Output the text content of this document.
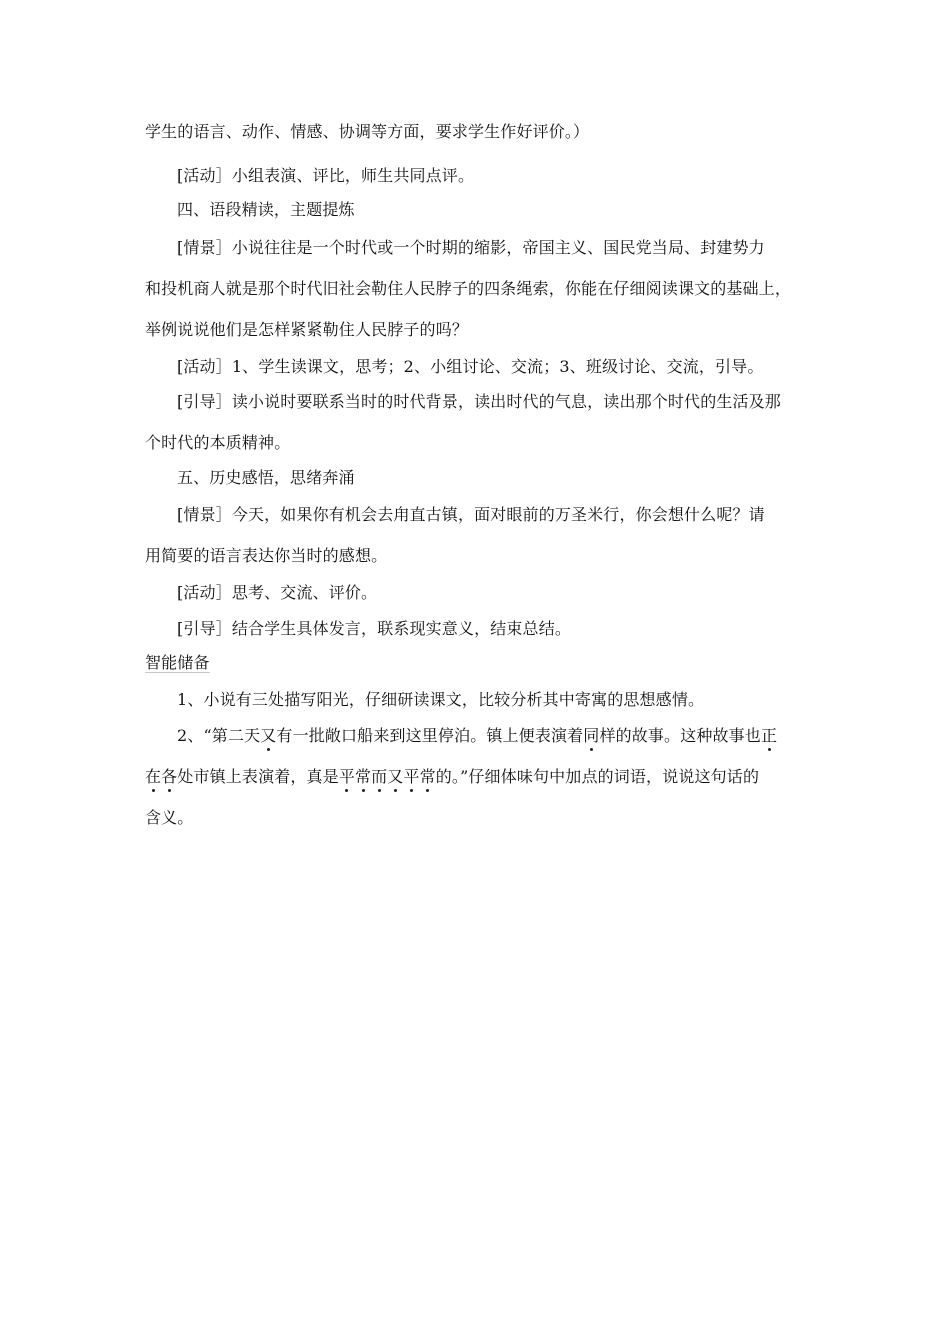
学生的语言、动作、情感、协调等方面，要求学生作好评价。）
[活动］小组表演、评比，师生共同点评。
四、语段精读，主题提炼
[情景］小说往往是一个时代或一个时期的缩影，帝国主义、国民党当局、封建势力
和投机商人就是那个时代旧社会勒住人民脖子的四条绳索，你能在仔细阅读课文的基础上，
举例说说他们是怎样紧紧勒住人民脖子的吗？
[活动］1、学生读课文，思考；2、小组讨论、交流；3、班级讨论、交流，引导。
[引导］读小说时要联系当时的时代背景，读出时代的气息，读出那个时代的生活及那
个时代的本质精神。
五、历史感悟，思绪奔涌
[情景］今天，如果你有机会去甪直古镇，面对眼前的万圣米行，你会想什么呢？请
用简要的语言表达你当时的感想。
[活动］思考、交流、评价。
[引导］结合学生具体发言，联系现实意义，结束总结。
智能储备
1、小说有三处描写阳光，仔细研读课文，比较分析其中寄寓的思想感情。
2、“第二天又有一批敞口船来到这里停泊。镇上便表演着同样的故事。这种故事也正
在各处市镇上表演着，真是平常而又平常的。”仔细体味句中加点的词语，说说这句话的
含义。
